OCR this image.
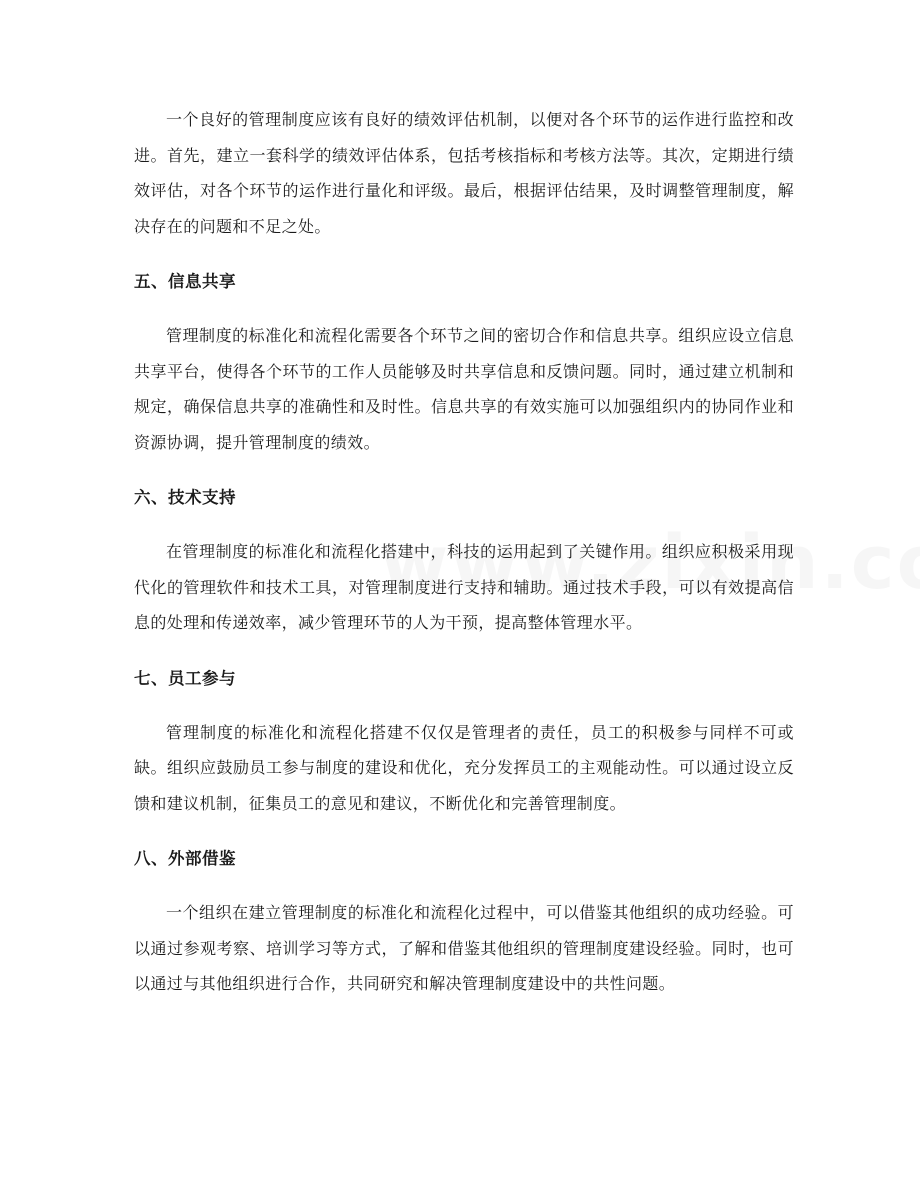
一个良好的管理制度应该有良好的绩效评估机制，以便对各个环节的运作进行监控和改进。首先，建立一套科学的绩效评估体系，包括考核指标和考核方法等。其次，定期进行绩效评估，对各个环节的运作进行量化和评级。最后，根据评估结果，及时调整管理制度，解决存在的问题和不足之处。

五、信息共享

管理制度的标准化和流程化需要各个环节之间的密切合作和信息共享。组织应设立信息共享平台，使得各个环节的工作人员能够及时共享信息和反馈问题。同时，通过建立机制和规定，确保信息共享的准确性和及时性。信息共享的有效实施可以加强组织内的协同作业和资源协调，提升管理制度的绩效。

六、技术支持

在管理制度的标准化和流程化搭建中，科技的运用起到了关键作用。组织应积极采用现代化的管理软件和技术工具，对管理制度进行支持和辅助。通过技术手段，可以有效提高信息的处理和传递效率，减少管理环节的人为干预，提高整体管理水平。

七、员工参与

管理制度的标准化和流程化搭建不仅仅是管理者的责任，员工的积极参与同样不可或缺。组织应鼓励员工参与制度的建设和优化，充分发挥员工的主观能动性。可以通过设立反馈和建议机制，征集员工的意见和建议，不断优化和完善管理制度。

八、外部借鉴

一个组织在建立管理制度的标准化和流程化过程中，可以借鉴其他组织的成功经验。可以通过参观考察、培训学习等方式，了解和借鉴其他组织的管理制度建设经验。同时，也可以通过与其他组织进行合作，共同研究和解决管理制度建设中的共性问题。
